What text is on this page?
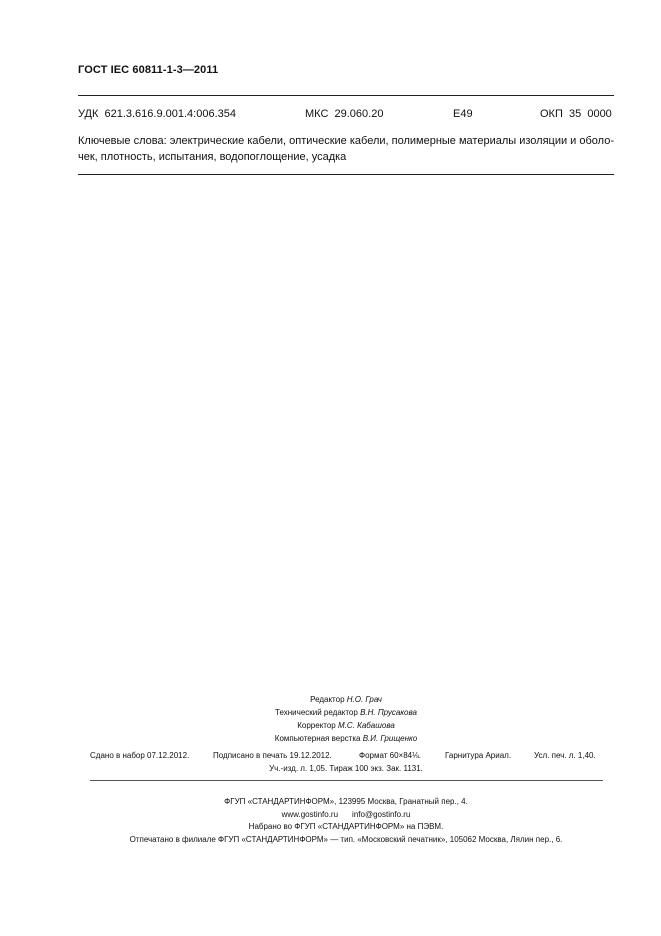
ГОСТ IEC 60811-1-3—2011
УДК  621.3.616.9.001.4:006.354	МКС  29.060.20	Е49	ОКП  35  0000
Ключевые слова: электрические кабели, оптические кабели, полимерные материалы изоляции и оболо-
чек, плотность, испытания, водопоглощение, усадка
Редактор Н.О. Грач
Технический редактор В.Н. Прусакова
Корректор М.С. Кабашова
Компьютерная верстка В.И. Грищенко
Сдано в набор 07.12.2012.	Подписано в печать 19.12.2012.	Формат 60×84⅛.	Гарнитура Ариал.	Усл. печ. л. 1,40.
Уч.-изд. л. 1,05. Тираж 100 экз. Зак. 1131.
ФГУП «СТАНДАРТИНФОРМ», 123995 Москва, Гранатный пер., 4.
www.gostinfo.ru info@gostinfo.ru
Набрано во ФГУП «СТАНДАРТИНФОРМ» на ПЭВМ.
Отпечатано в филиале ФГУП «СТАНДАРТИНФОРМ» — тип. «Московский печатник», 105062 Москва, Лялин пер., 6.
